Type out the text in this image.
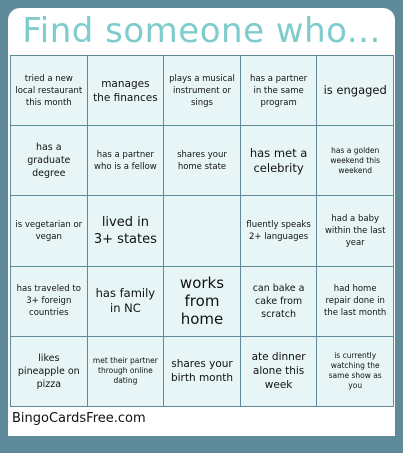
Find someone who...
tried a new local restaurant this month
manages the finances
plays a musical instrument or sings
has a partner in the same program
is engaged
has a graduate degree
has a partner who is a fellow
shares your home state
has met a celebrity
has a golden weekend this weekend
is vegetarian or vegan
lived in 3+ states
fluently speaks 2+ languages
had a baby within the last year
has traveled to 3+ foreign countries
has family in NC
works from home
can bake a cake from scratch
had home repair done in the last month
likes pineapple on pizza
met their partner through online dating
shares your birth month
ate dinner alone this week
is currently watching the same show as you
BingoCardsFree.com
